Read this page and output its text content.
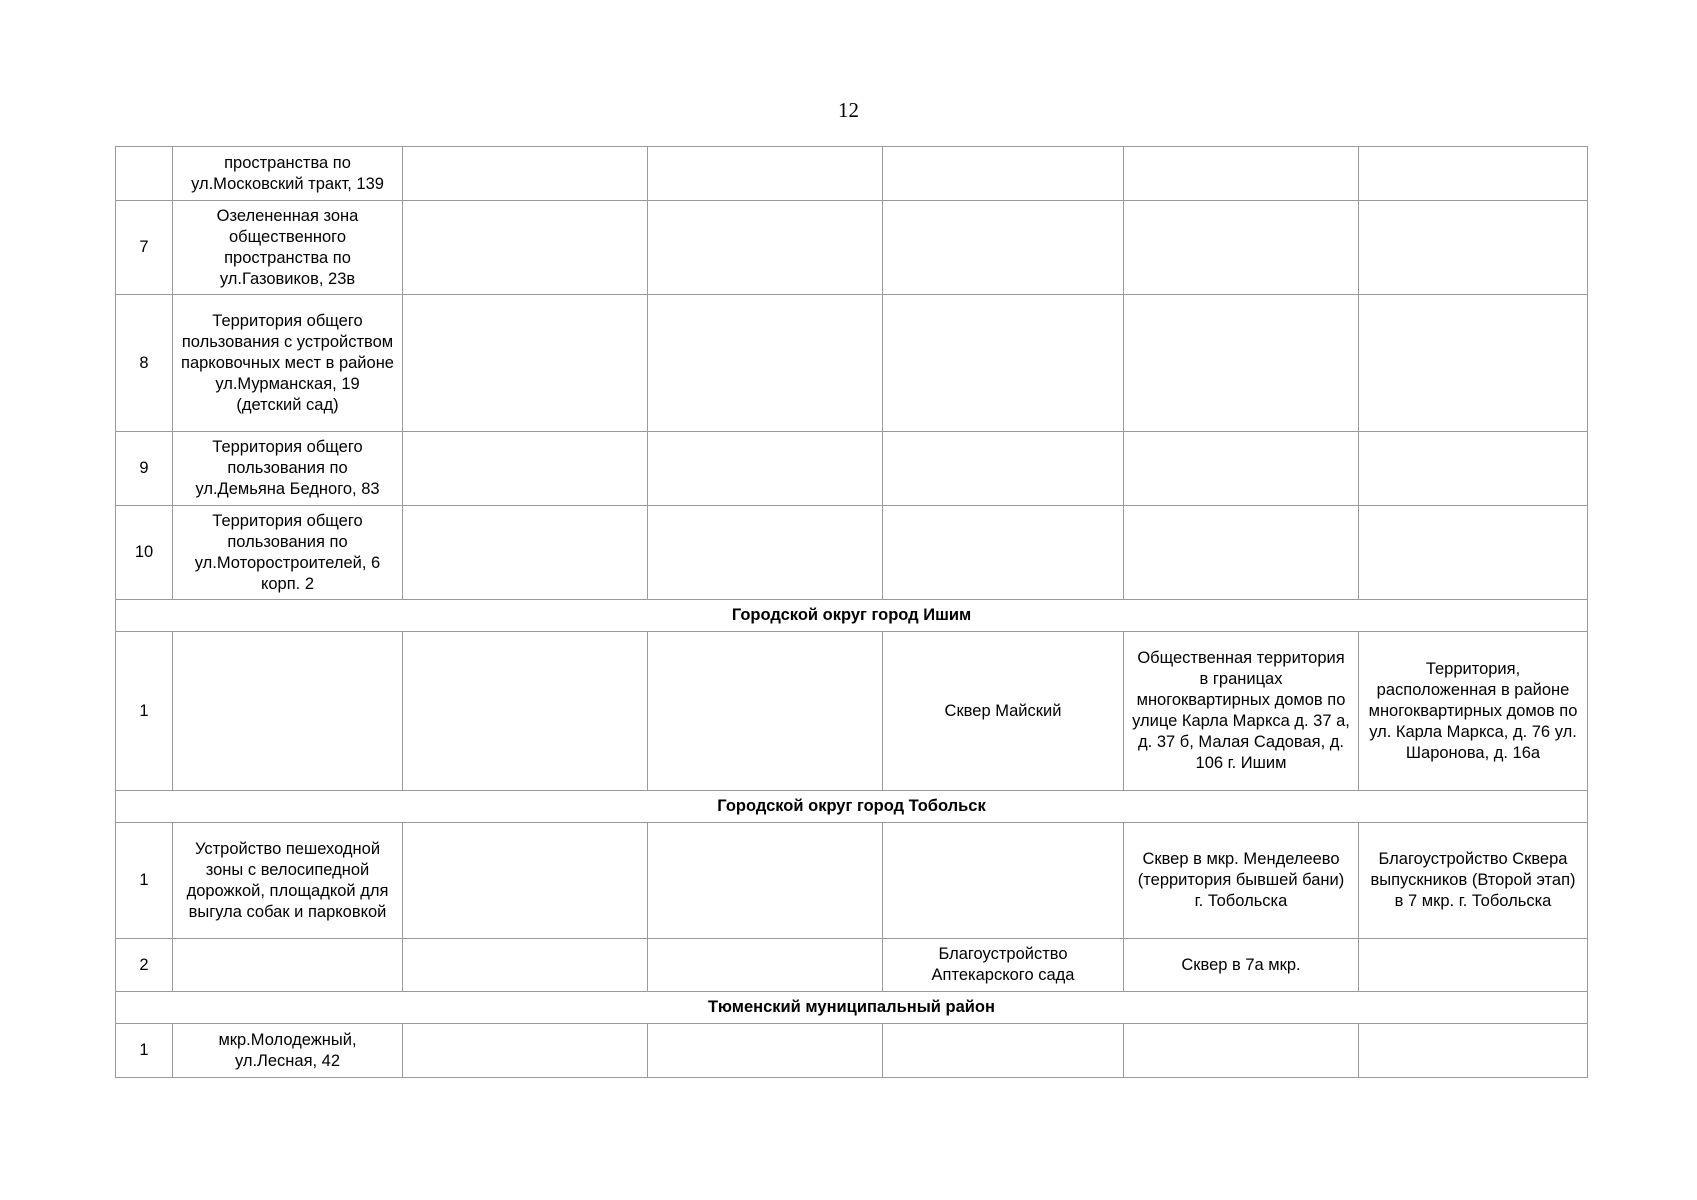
12
	пространства по ул.Московский тракт, 139					
7	Озелененная зона общественного пространства по ул.Газовиков, 23в					
8	Территория общего пользования с устройством парковочных мест в районе ул.Мурманская, 19 (детский сад)					
9	Территория общего пользования по ул.Демьяна Бедного, 83					
10	Территория общего пользования по ул.Моторостроителей, 6 корп. 2					
Городской округ город Ишим						
1				Сквер Майский	Общественная территория в границах многоквартирных домов по улице Карла Маркса д. 37 а, д. 37 б, Малая Садовая, д. 106 г. Ишим	Территория, расположенная в районе многоквартирных домов по ул. Карла Маркса, д. 76 ул. Шаронова, д. 16а
Городской округ город Тобольск						
1	Устройство пешеходной зоны с велосипедной дорожкой, площадкой для выгула собак и парковкой				Сквер в мкр. Менделеево (территория бывшей бани) г. Тобольска	Благоустройство Сквера выпускников (Второй этап) в 7 мкр. г. Тобольска
2				Благоустройство Аптекарского сада	Сквер в 7а мкр.	
Тюменский муниципальный район						
1	мкр.Молодежный, ул.Лесная, 42					
